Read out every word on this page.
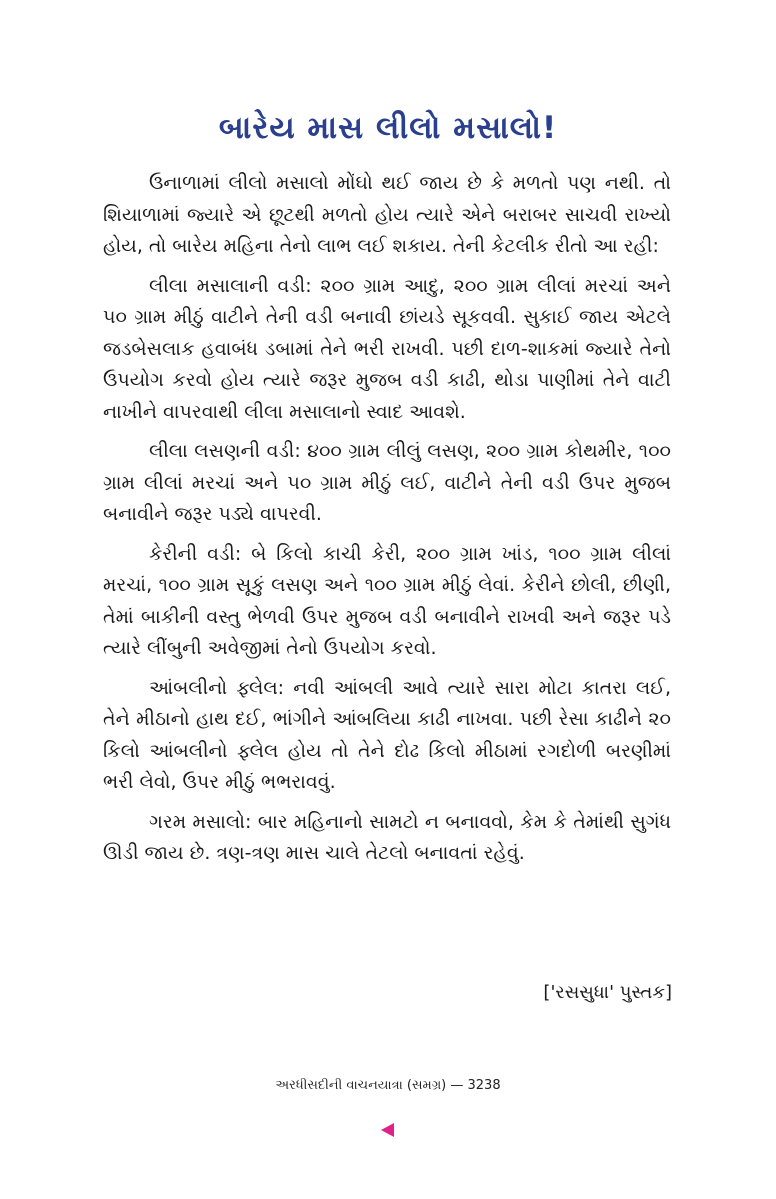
બારેય માસ લીલો મસાલો!

ઉનાળામાં લીલો મસાલો મોંઘો થઈ જાય છે કે મળતો પણ નથી. તો શિયાળામાં જ્યારે એ છૂટથી મળતો હોય ત્યારે એને બરાબર સાચવી રાખ્યો હોય, તો બારેય મહિના તેનો લાભ લઈ શકાય. તેની કેટલીક રીતો આ રહી:

લીલા મસાલાની વડી: ૨૦૦ ગ્રામ આદુ, ૨૦૦ ગ્રામ લીલાં મરચાં અને ૫૦ ગ્રામ મીઠું વાટીને તેની વડી બનાવી છાંયડે સૂકવવી. સુકાઈ જાય એટલે જડબેસલાક હવાબંધ ડબામાં તેને ભરી રાખવી. પછી દાળ-શાકમાં જ્યારે તેનો ઉપયોગ કરવો હોય ત્યારે જરૂર મુજબ વડી કાઢી, થોડા પાણીમાં તેને વાટી નાખીને વાપરવાથી લીલા મસાલાનો સ્વાદ આવશે.

લીલા લસણની વડી: ૪૦૦ ગ્રામ લીલું લસણ, ૨૦૦ ગ્રામ કોથમીર, ૧૦૦ ગ્રામ લીલાં મરચાં અને ૫૦ ગ્રામ મીઠું લઈ, વાટીને તેની વડી ઉપર મુજબ બનાવીને જરૂર પડ્યે વાપરવી.

કેરીની વડી: બે કિલો કાચી કેરી, ૨૦૦ ગ્રામ ખાંડ, ૧૦૦ ગ્રામ લીલાં મરચાં, ૧૦૦ ગ્રામ સૂકું લસણ અને ૧૦૦ ગ્રામ મીઠું લેવાં. કેરીને છોલી, છીણી, તેમાં બાકીની વસ્તુ ભેળવી ઉપર મુજબ વડી બનાવીને રાખવી અને જરૂર પડે ત્યારે લીંબુની અવેજીમાં તેનો ઉપયોગ કરવો.

આંબલીનો ફ્લેલ: નવી આંબલી આવે ત્યારે સારા મોટા કાતરા લઈ, તેને મીઠાનો હાથ દઈ, ભાંગીને આંબલિયા કાઢી નાખવા. પછી રેસા કાઢીને ૨૦ કિલો આંબલીનો ફ્લેલ હોય તો તેને દોઢ કિલો મીઠામાં રગદોળી બરણીમાં ભરી લેવો, ઉપર મીઠું ભભરાવવું.

ગરમ મસાલો: બાર મહિનાનો સામટો ન બનાવવો, કેમ કે તેમાંથી સુગંધ ઊડી જાય છે. ત્રણ-ત્રણ માસ ચાલે તેટલો બનાવતાં રહેવું.

['રસસુધા' પુસ્તક]
અરધીસદીની વાચનયાત્રા (સમગ્ર) — 3238
